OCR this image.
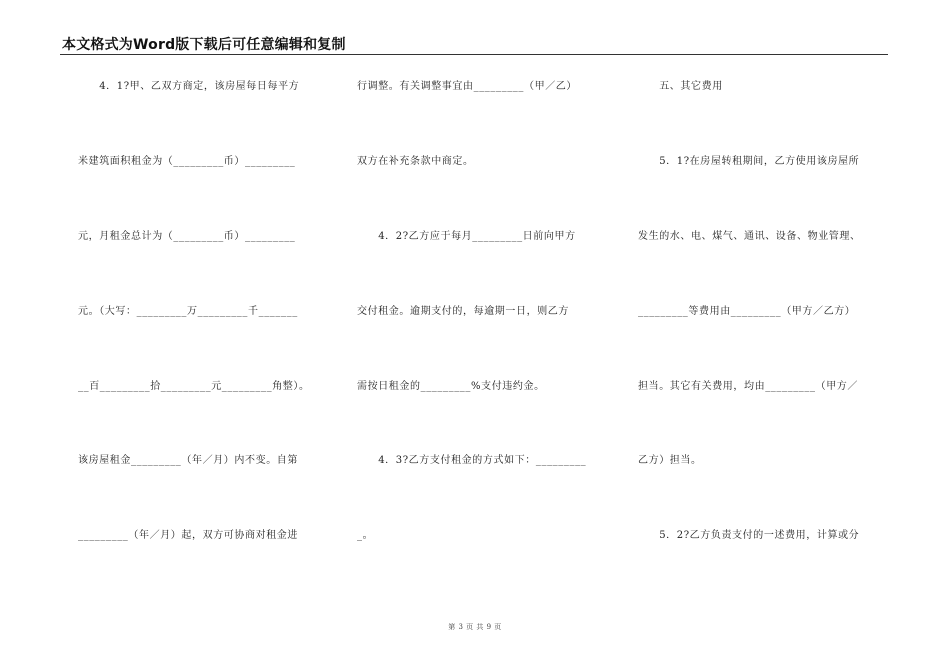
本文格式为Word版下载后可任意编辑和复制
　　4．1?甲、乙双方商定，该房屋每日每平方
米建筑面积租金为（_________币）_________
元，月租金总计为（_________币）_________
元。（大写：_________万_________千_______
__百_________拾_________元_________角整）。
该房屋租金_________（年／月）内不变。自第
_________（年／月）起，双方可协商对租金进
行调整。有关调整事宜由_________（甲／乙）
双方在补充条款中商定。
　　4．2?乙方应于每月_________日前向甲方
交付租金。逾期支付的，每逾期一日，则乙方
需按日租金的_________%支付违约金。
　　4．3?乙方支付租金的方式如下：_________
_。
　　五、其它费用
　　5．1?在房屋转租期间，乙方使用该房屋所
发生的水、电、煤气、通讯、设备、物业管理、
_________等费用由_________（甲方／乙方）
担当。其它有关费用，均由_________（甲方／
乙方）担当。
　　5．2?乙方负责支付的一述费用，计算或分
第 3 页 共 9 页
